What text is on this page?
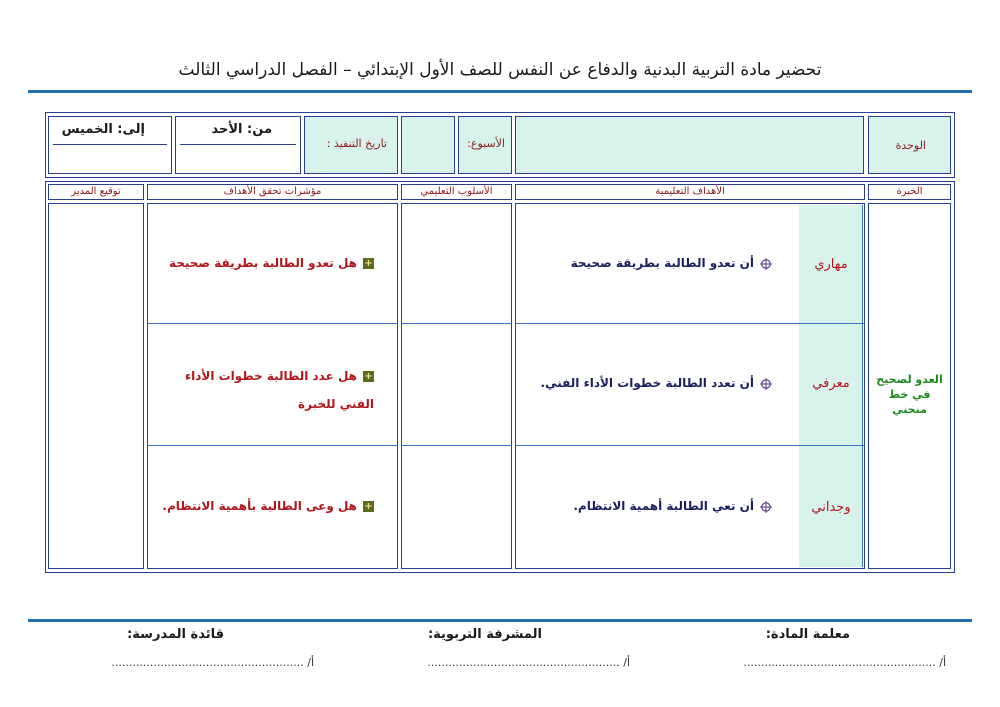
تحضير مادة التربية البدنية والدفاع عن النفس للصف الأول الإبتدائي – الفصل الدراسي الثالث
الوحدة
الأسبوع:
تاريخ التنفيذ :
من: الأحد
إلى: الخميس
الخبرة
الأهداف التعليمية
الأسلوب التعليمي
مؤشرات تحقق الأهداف
توقيع المدير
العدو لصحيح في خط منحني
مهاري
أن تعدو الطالبة بطريقة صحيحة
+هل تعدو الطالبة بطريقة صحيحة
معرفي
أن تعدد الطالبة خطوات الأداء الفني.
+هل عدد الطالبة خطوات الأداء الفني للخبرة
وجداني
أن تعي الطالبة أهمية الانتظام.
+هل وعى الطالبة بأهمية الانتظام.
معلمة المادة:
المشرفة التربوية:
قائدة المدرسة:
أ/ .......................................................
أ/ .......................................................
أ/ .......................................................
